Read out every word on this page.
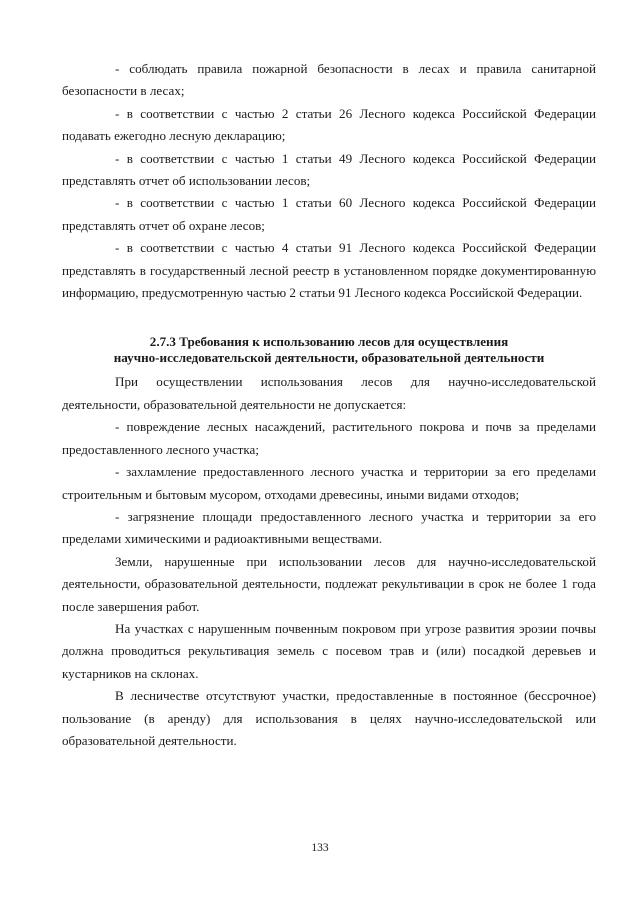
- соблюдать правила пожарной безопасности в лесах и правила санитарной безопасности в лесах;

- в соответствии с частью 2 статьи 26 Лесного кодекса Российской Федерации подавать ежегодно лесную декларацию;

- в соответствии с частью 1 статьи 49 Лесного кодекса Российской Федерации представлять отчет об использовании лесов;

- в соответствии с частью 1 статьи 60 Лесного кодекса Российской Федерации представлять отчет об охране лесов;

- в соответствии с частью 4 статьи 91 Лесного кодекса Российской Федерации представлять в государственный лесной реестр в установленном порядке документированную информацию, предусмотренную частью 2 статьи 91 Лесного кодекса Российской Федерации.

2.7.3 Требования к использованию лесов для осуществления
научно-исследовательской деятельности, образовательной деятельности

При осуществлении использования лесов для научно-исследовательской деятельности, образовательной деятельности не допускается:

- повреждение лесных насаждений, растительного покрова и почв за пределами предоставленного лесного участка;

- захламление предоставленного лесного участка и территории за его пределами строительным и бытовым мусором, отходами древесины, иными видами отходов;

- загрязнение площади предоставленного лесного участка и территории за его пределами химическими и радиоактивными веществами.

Земли, нарушенные при использовании лесов для научно-исследовательской деятельности, образовательной деятельности, подлежат рекультивации в срок не более 1 года после завершения работ.

На участках с нарушенным почвенным покровом при угрозе развития эрозии почвы должна проводиться рекультивация земель с посевом трав и (или) посадкой деревьев и кустарников на склонах.

В лесничестве отсутствуют участки, предоставленные в постоянное (бессрочное) пользование (в аренду) для использования в целях научно-исследовательской или образовательной деятельности.

133
